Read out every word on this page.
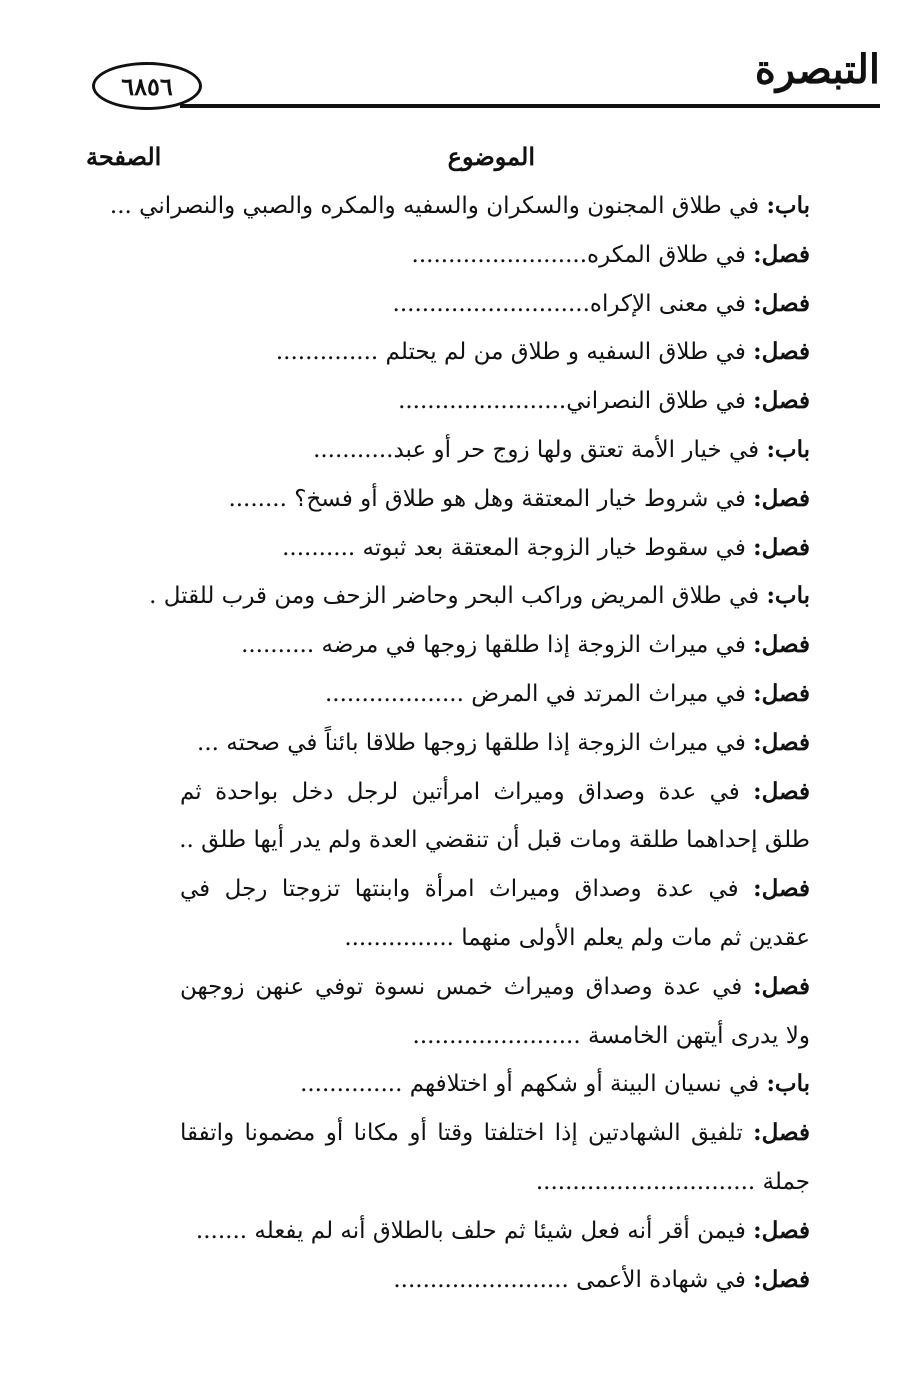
التبصرة
٦٨٥٦
الموضوع
الصفحة
باب: في طلاق المجنون والسكران والسفيه والمكره والصبي والنصراني ...
فصل: في طلاق المكره........................
فصل: في معنى الإكراه...........................
فصل: في طلاق السفيه و طلاق من لم يحتلم ..............
فصل: في طلاق النصراني.......................
باب: في خيار الأمة تعتق ولها زوج حر أو عبد...........
فصل: في شروط خيار المعتقة وهل هو طلاق أو فسخ؟ ........
فصل: في سقوط خيار الزوجة المعتقة بعد ثبوته ..........
باب: في طلاق المريض وراكب البحر وحاضر الزحف ومن قرب للقتل .
فصل: في ميراث الزوجة إذا طلقها زوجها في مرضه ..........
فصل: في ميراث المرتد في المرض ...................
فصل: في ميراث الزوجة إذا طلقها زوجها طلاقا بائناً في صحته ...
فصل: في عدة وصداق وميراث امرأتين لرجل دخل بواحدة ثم
طلق إحداهما طلقة ومات قبل أن تنقضي العدة ولم يدر أيها طلق ..
فصل: في عدة وصداق وميراث امرأة وابنتها تزوجتا رجل في
عقدين ثم مات ولم يعلم الأولى منهما ...............
فصل: في عدة وصداق وميراث خمس نسوة توفي عنهن زوجهن
ولا يدرى أيتهن الخامسة .......................
باب: في نسيان البينة أو شكهم أو اختلافهم ..............
فصل: تلفيق الشهادتين إذا اختلفتا وقتا أو مكانا أو مضمونا واتفقا
جملة ..............................
فصل: فيمن أقر أنه فعل شيئا ثم حلف بالطلاق أنه لم يفعله .......
فصل: في شهادة الأعمى ........................
